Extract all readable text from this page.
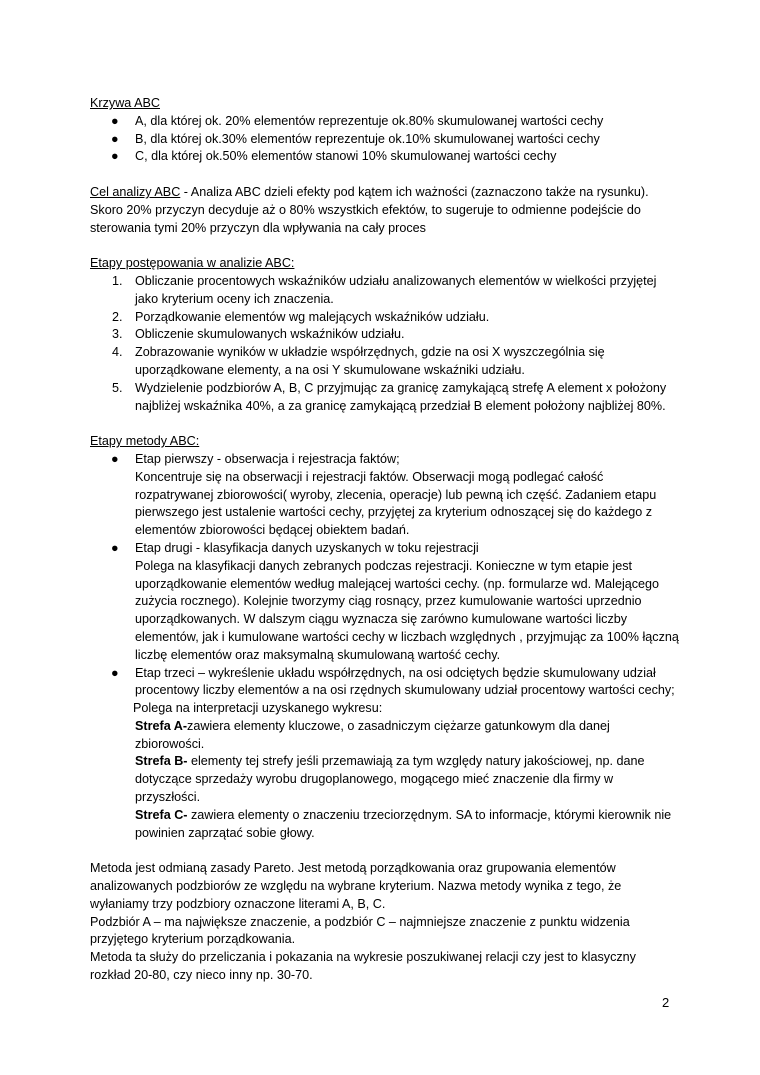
Krzywa ABC

● A, dla której ok. 20% elementów reprezentuje ok.80% skumulowanej wartości cechy
● B, dla której ok.30% elementów reprezentuje ok.10% skumulowanej wartości cechy
● C, dla której ok.50% elementów stanowi 10% skumulowanej wartości cechy

Cel analizy ABC - Analiza ABC dzieli efekty pod kątem ich ważności (zaznaczono także na rysunku). Skoro 20% przyczyn decyduje aż o 80% wszystkich efektów, to sugeruje to odmienne podejście do sterowania tymi 20% przyczyn dla wpływania na cały proces

Etapy postępowania w analizie ABC:

1. Obliczanie procentowych wskaźników udziału analizowanych elementów w wielkości przyjętej jako kryterium oceny ich znaczenia.
2. Porządkowanie elementów wg malejących wskaźników udziału.
3. Obliczenie skumulowanych wskaźników udziału.
4. Zobrazowanie wyników w układzie współrzędnych, gdzie na osi X wyszczególnia się uporządkowane elementy, a na osi Y skumulowane wskaźniki udziału.
5. Wydzielenie podzbiorów A, B, C przyjmując za granicę zamykającą strefę A element x położony najbliżej wskaźnika 40%, a za granicę zamykającą przedział B element położony najbliżej 80%.

Etapy metody ABC:

● Etap pierwszy - obserwacja i rejestracja faktów;

Koncentruje się na obserwacji i rejestracji faktów. Obserwacji mogą podlegać całość rozpatrywanej zbiorowości( wyroby, zlecenia, operacje) lub pewną ich część. Zadaniem etapu pierwszego jest ustalenie wartości cechy, przyjętej za kryterium odnoszącej się do każdego z elementów zbiorowości będącej obiektem badań.

● Etap drugi - klasyfikacja danych uzyskanych w toku rejestracji

Polega na klasyfikacji danych zebranych podczas rejestracji. Konieczne w tym etapie jest uporządkowanie elementów według malejącej wartości cechy. (np. formularze wd. Malejącego zużycia rocznego). Kolejnie tworzymy ciąg rosnący, przez kumulowanie wartości uprzednio uporządkowanych. W dalszym ciągu wyznacza się zarówno kumulowane wartości liczby elementów, jak i kumulowane wartości cechy w liczbach względnych , przyjmując za 100% łączną liczbę elementów oraz maksymalną skumulowaną wartość cechy.

● Etap trzeci – wykreślenie układu współrzędnych, na osi odciętych będzie skumulowany udział procentowy liczby elementów a na osi rzędnych skumulowany udział procentowy wartości cechy;

Polega na interpretacji uzyskanego wykresu:

Strefa A-zawiera elementy kluczowe, o zasadniczym ciężarze gatunkowym dla danej zbiorowości.

Strefa B- elementy tej strefy jeśli przemawiają za tym względy natury jakościowej, np. dane dotyczące sprzedaży wyrobu drugoplanowego, mogącego mieć znaczenie dla firmy w przyszłości.

Strefa C- zawiera elementy o znaczeniu trzeciorzędnym. SA to informacje, którymi kierownik nie powinien zaprzątać sobie głowy.

Metoda jest odmianą zasady Pareto. Jest metodą porządkowania oraz grupowania elementów analizowanych podzbiorów ze względu na wybrane kryterium. Nazwa metody wynika z tego, że wyłaniamy trzy podzbiory oznaczone literami A, B, C.

Podzbiór A – ma największe znaczenie, a podzbiór C – najmniejsze znaczenie z punktu widzenia przyjętego kryterium porządkowania.

Metoda ta służy do przeliczania i pokazania na wykresie poszukiwanej relacji czy jest to klasyczny rozkład 20-80, czy nieco inny np. 30-70.

2
